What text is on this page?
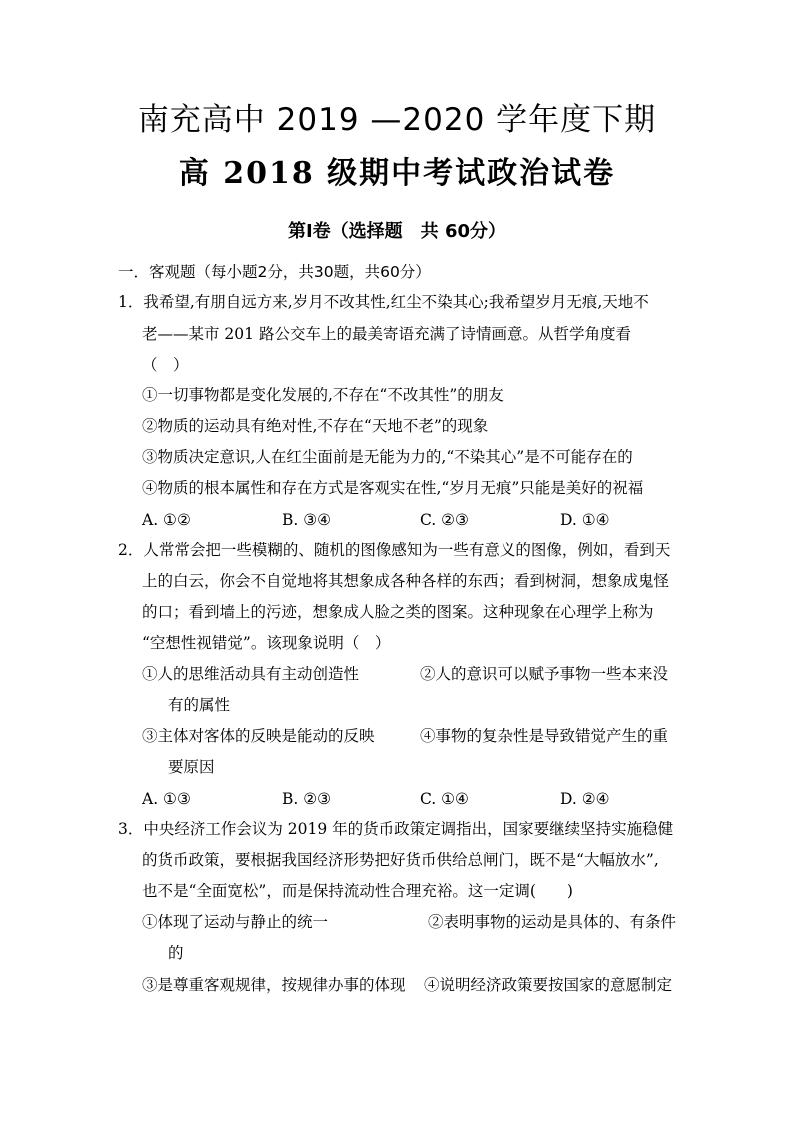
南充高中 2019 —2020 学年度下期
高 2018 级期中考试政治试卷
第Ⅰ卷（选择题　共 60分）
一．客观题（每小题2分，共30题，共60分）
1．我希望,有朋自远方来,岁月不改其性,红尘不染其心;我希望岁月无痕,天地不
老——某市 201 路公交车上的最美寄语充满了诗情画意。从哲学角度看
（　）
①一切事物都是变化发展的,不存在“不改其性”的朋友
②物质的运动具有绝对性,不存在“天地不老”的现象
③物质决定意识,人在红尘面前是无能为力的,“不染其心”是不可能存在的
④物质的根本属性和存在方式是客观实在性,“岁月无痕”只能是美好的祝福
A. ①②	B. ③④	C. ②③	D. ①④
2．人常常会把一些模糊的、随机的图像感知为一些有意义的图像，例如，看到天
上的白云，你会不自觉地将其想象成各种各样的东西；看到树洞，想象成鬼怪
的口；看到墙上的污迹，想象成人脸之类的图案。这种现象在心理学上称为
“空想性视错觉”。该现象说明（　）
①人的思维活动具有主动创造性	②人的意识可以赋予事物一些本来没
有的属性
③主体对客体的反映是能动的反映	④事物的复杂性是导致错觉产生的重
要原因
A. ①③	B. ②③	C. ①④	D. ②④
3．中央经济工作会议为 2019 年的货币政策定调指出，国家要继续坚持实施稳健
的货币政策，要根据我国经济形势把好货币供给总闸门，既不是“大幅放水”,
也不是“全面宽松”，而是保持流动性合理充裕。这一定调(　　)
①体现了运动与静止的统一	②表明事物的运动是具体的、有条件
的
③是尊重客观规律，按规律办事的体现 ④说明经济政策要按国家的意愿制定
